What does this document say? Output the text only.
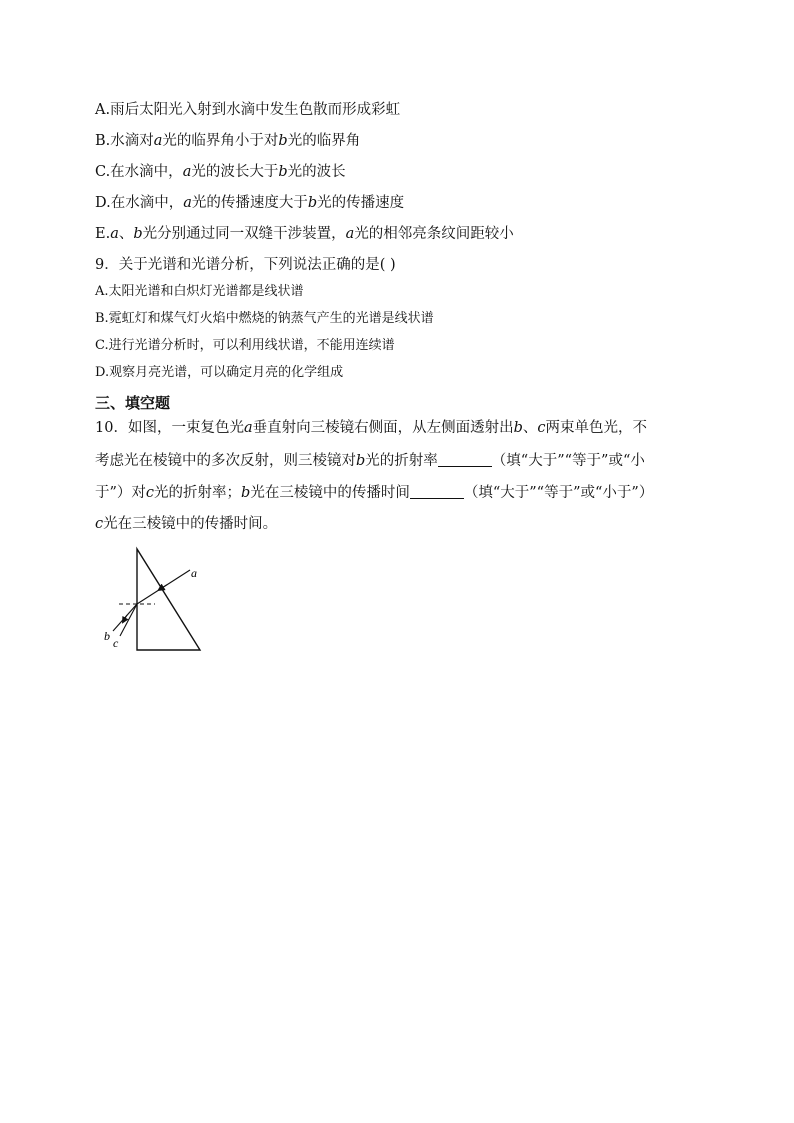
A.雨后太阳光入射到水滴中发生色散而形成彩虹
B.水滴对a光的临界角小于对b光的临界角
C.在水滴中，a光的波长大于b光的波长
D.在水滴中，a光的传播速度大于b光的传播速度
E.a、b光分别通过同一双缝干涉装置，a光的相邻亮条纹间距较小
9．关于光谱和光谱分析，下列说法正确的是( )
A.太阳光谱和白炽灯光谱都是线状谱
B.霓虹灯和煤气灯火焰中燃烧的钠蒸气产生的光谱是线状谱
C.进行光谱分析时，可以利用线状谱，不能用连续谱
D.观察月亮光谱，可以确定月亮的化学组成
三、填空题
10．如图，一束复色光a垂直射向三棱镜右侧面，从左侧面透射出b、c两束单色光，不
考虑光在棱镜中的多次反射，则三棱镜对b光的折射率	（填“大于”“等于”或“小
于”）对c光的折射率；b光在三棱镜中的传播时间	（填“大于”“等于”或“小于”）
c光在三棱镜中的传播时间。
a
b c
